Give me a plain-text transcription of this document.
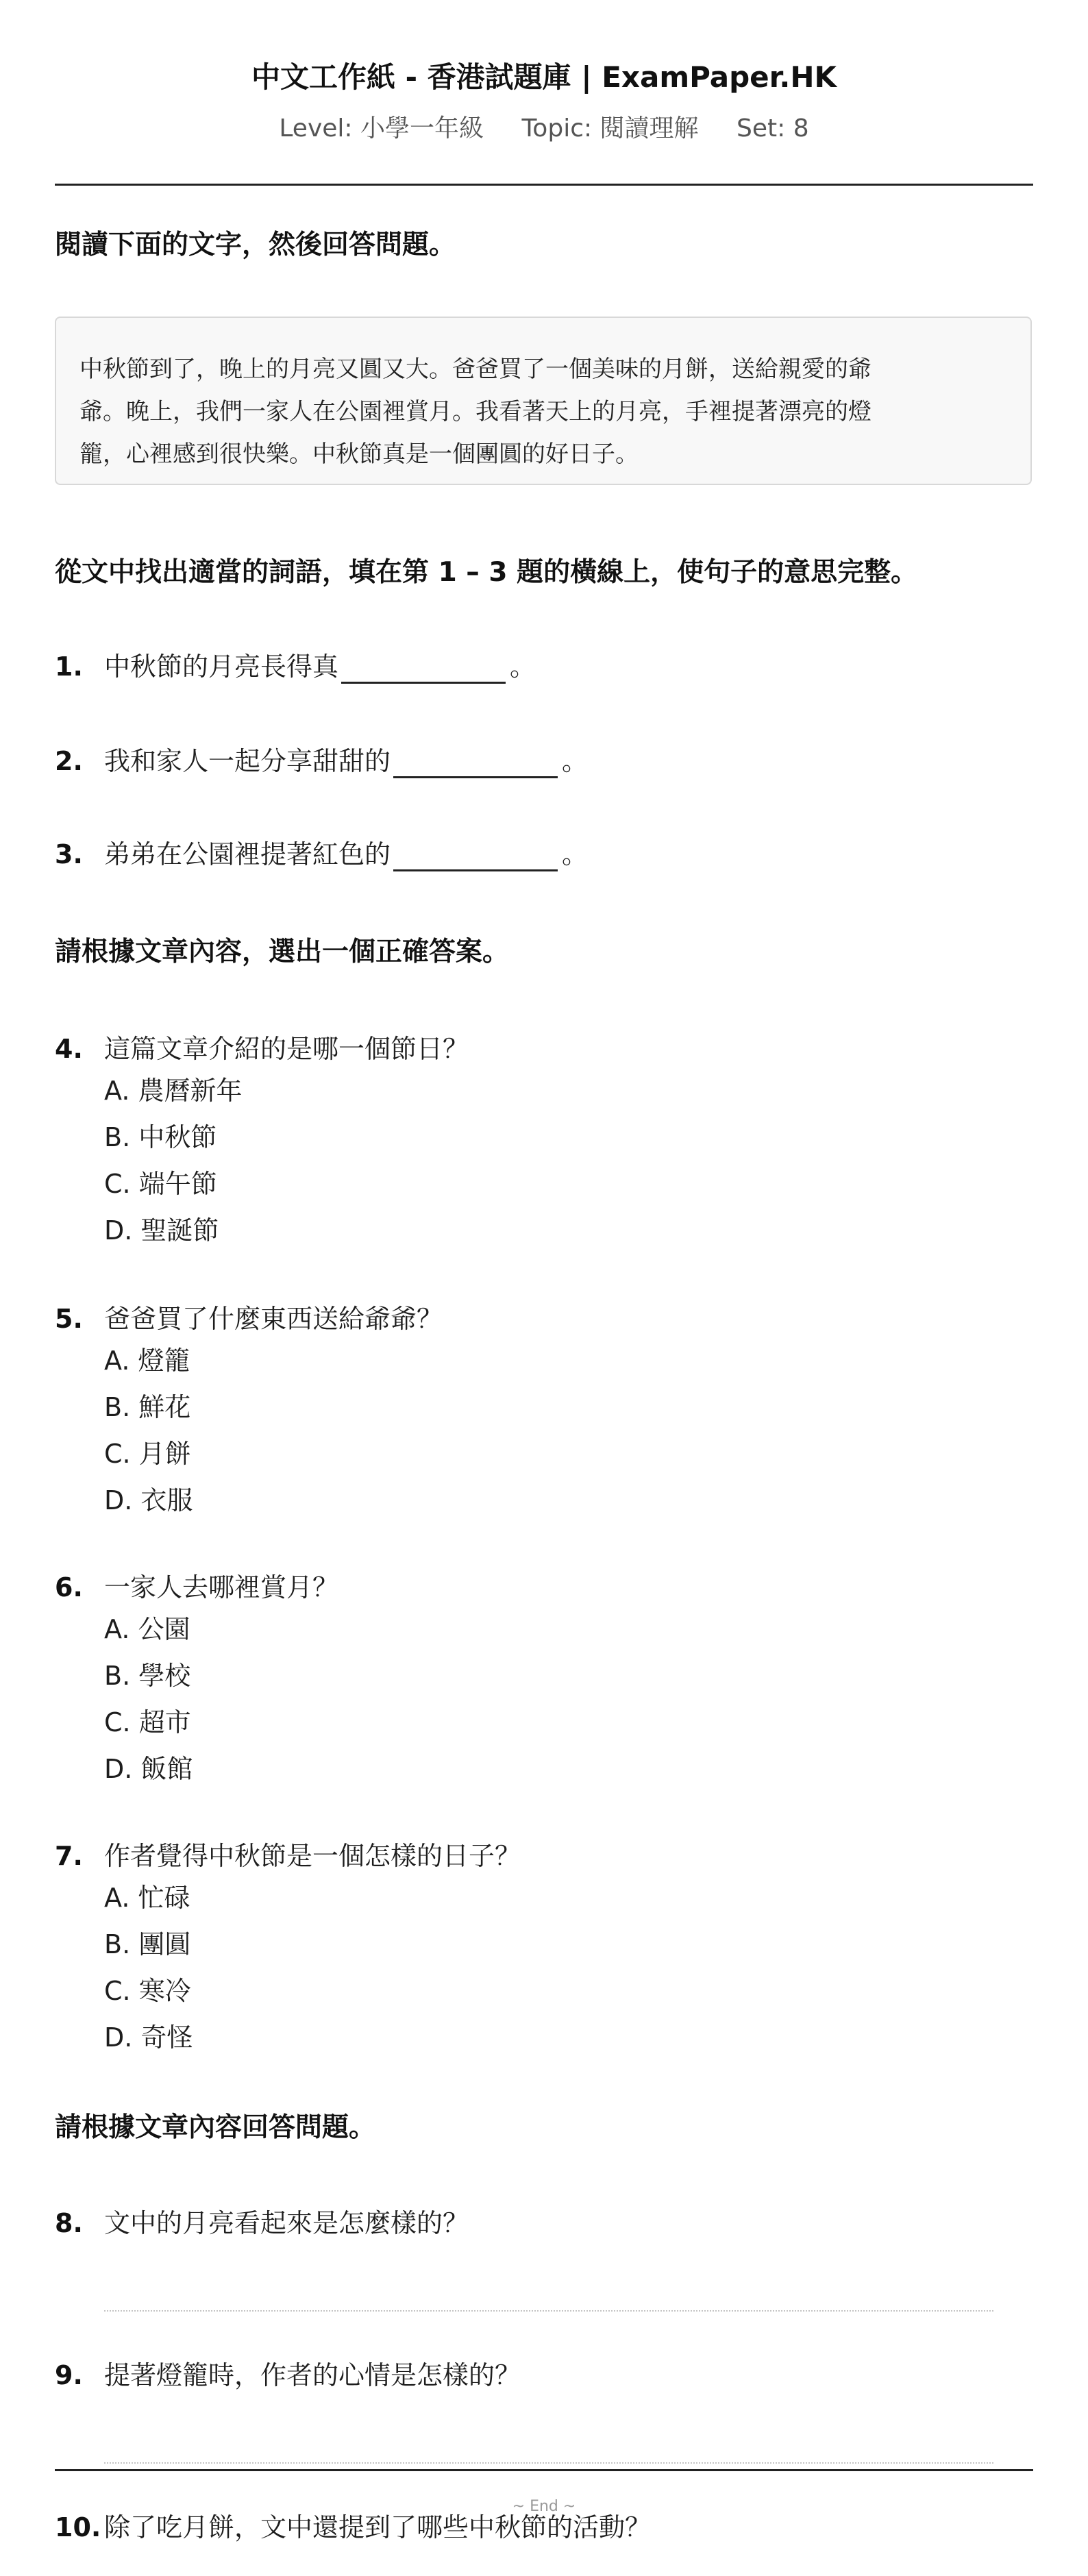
中文工作紙 - 香港試題庫 | ExamPaper.HK
Level: 小學一年級 Topic: 閱讀理解 Set: 8
閱讀下面的文字，然後回答問題。
中秋節到了，晚上的月亮又圓又大。爸爸買了一個美味的月餅，送給親愛的爺
爺。晚上，我們一家人在公園裡賞月。我看著天上的月亮，手裡提著漂亮的燈
籠，心裡感到很快樂。中秋節真是一個團圓的好日子。
從文中找出適當的詞語，填在第 1 – 3 題的橫線上，使句子的意思完整。
1. 中秋節的月亮長得真	。
2. 我和家人一起分享甜甜的	。
3. 弟弟在公園裡提著紅色的	。
請根據文章內容，選出一個正確答案。
4. 這篇文章介紹的是哪一個節日？
A. 農曆新年
B. 中秋節
C. 端午節
D. 聖誕節
5. 爸爸買了什麼東西送給爺爺？
A. 燈籠
B. 鮮花
C. 月餅
D. 衣服
6. 一家人去哪裡賞月？
A. 公園
B. 學校
C. 超市
D. 飯館
7. 作者覺得中秋節是一個怎樣的日子？
A. 忙碌
B. 團圓
C. 寒冷
D. 奇怪
請根據文章內容回答問題。
8. 文中的月亮看起來是怎麼樣的？
9. 提著燈籠時，作者的心情是怎樣的？
~ End ~
10. 除了吃月餅，文中還提到了哪些中秋節的活動？
